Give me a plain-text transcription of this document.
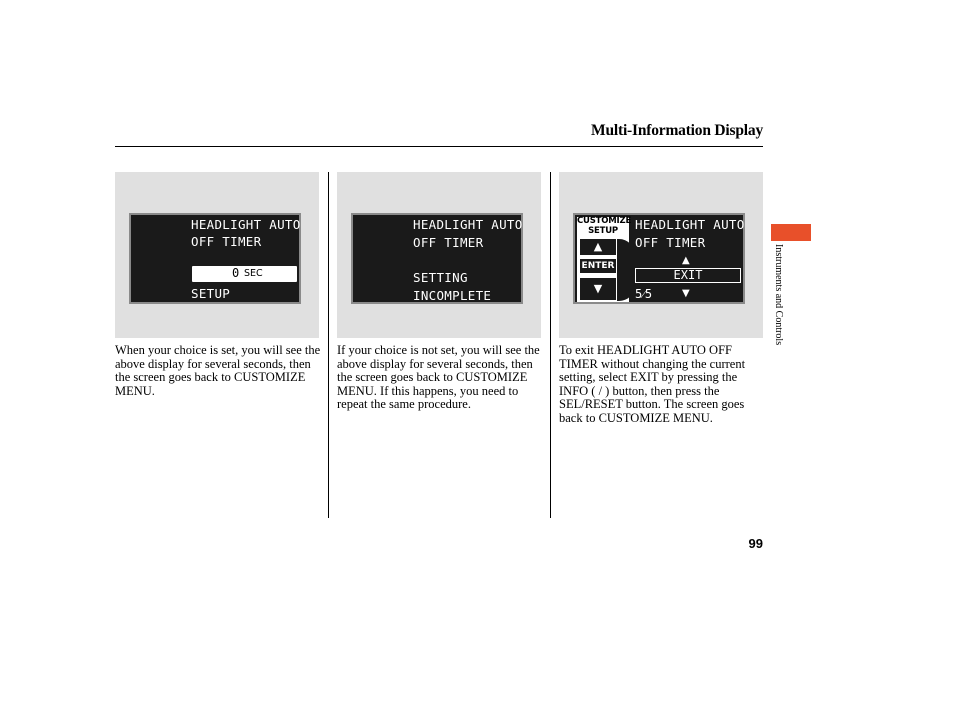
Multi-Information Display
HEADLIGHT AUTO
OFF TIMER
0 SEC
SETUP
HEADLIGHT AUTO
OFF TIMER
SETTING
INCOMPLETE
CUSTOMIZE
SETUP
▲
ENTER
▼
HEADLIGHT AUTO
OFF TIMER
▲
EXIT
5⁄5	▼
When your choice is set, you will see the above display for several seconds, then the screen goes back to CUSTOMIZE MENU.
If your choice is not set, you will see the above display for several seconds, then the screen goes back to CUSTOMIZE MENU. If this happens, you need to repeat the same procedure.
To exit HEADLIGHT AUTO OFF TIMER without changing the current setting, select EXIT by pressing the INFO ( / ) button, then press the SEL/RESET button. The screen goes back to CUSTOMIZE MENU.
Instruments and Controls
99
